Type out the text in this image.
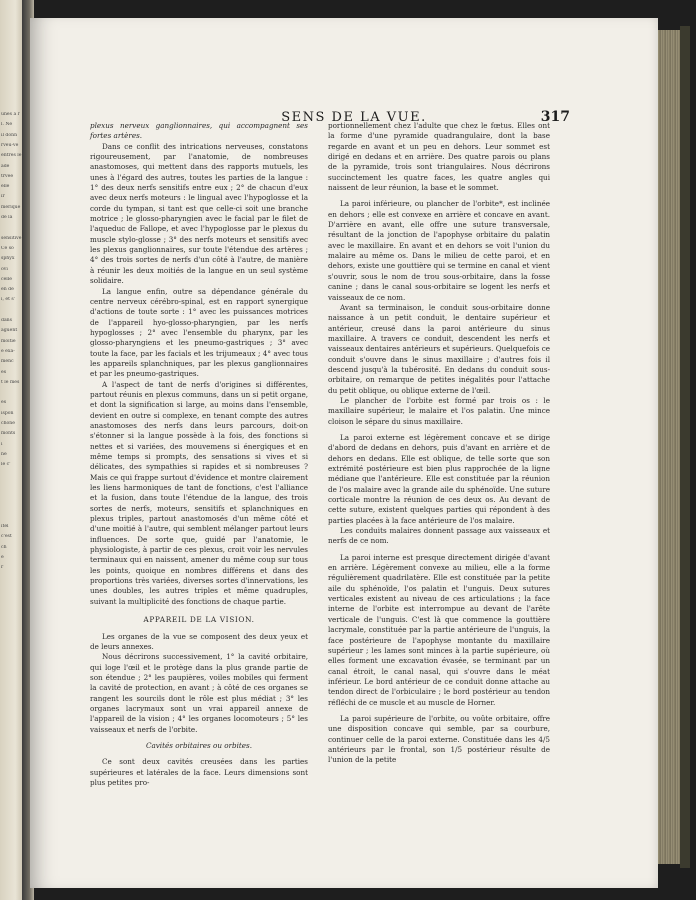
unes à l'
l. Ne
il donn
rveu-ve
entres le
ade
trvée
elle
ir
mérique
de la
sensitive
Ce so
sphyx
ovi
celle
en de
i, et s'
dans
aguent
moitié
e exa-
menc
es
t le mes
es
ispon
chone
monts
i
ne
le c'
itel
c'est
ch
e
r
SENS DE LA VUE.	317

plexus nerveux ganglionnaires, qui accompagnent ses fortes artères.

Dans ce conflit des intrications nerveuses, constatons rigoureusement, par l'anatomie, de nombreuses anastomoses, qui mettent dans des rapports mutuels, les unes à l'égard des autres, toutes les parties de la langue : 1° des deux nerfs sensitifs entre eux ; 2° de chacun d'eux avec deux nerfs moteurs : le lingual avec l'hypoglosse et la corde du tympan, si tant est que celle-ci soit une branche motrice ; le glosso-pharyngien avec le facial par le filet de l'aqueduc de Fallope, et avec l'hypoglosse par le plexus du muscle stylo-glosse ; 3° des nerfs moteurs et sensitifs avec les plexus ganglionnaires, sur toute l'étendue des artères ; 4° des trois sortes de nerfs d'un côté à l'autre, de manière à réunir les deux moitiés de la langue en un seul système solidaire.

La langue enfin, outre sa dépendance générale du centre nerveux cérébro-spinal, est en rapport synergique d'actions de toute sorte : 1° avec les puissances motrices de l'appareil hyo-glosso-pharyngien, par les nerfs hypoglosses ; 2° avec l'ensemble du pharynx, par les glosso-pharyngiens et les pneumo-gastriques ; 3° avec toute la face, par les facials et les trijumeaux ; 4° avec tous les appareils splanchniques, par les plexus ganglionnaires et par les pneumo-gastriques.

A l'aspect de tant de nerfs d'origines si différentes, partout réunis en plexus communs, dans un si petit organe, et dont la signification si large, au moins dans l'ensemble, devient en outre si complexe, en tenant compte des autres anastomoses des nerfs dans leurs parcours, doit-on s'étonner si la langue possède à la fois, des fonctions si nettes et si variées, des mouvemens si énergiques et en même temps si prompts, des sensations si vives et si délicates, des sympathies si rapides et si nombreuses ? Mais ce qui frappe surtout d'évidence et montre clairement les liens harmoniques de tant de fonctions, c'est l'alliance et la fusion, dans toute l'étendue de la langue, des trois sortes de nerfs, moteurs, sensitifs et splanchniques en plexus triples, partout anastomosés d'un même côté et d'une moitié à l'autre, qui semblent mélanger partout leurs influences. De sorte que, guidé par l'anatomie, le physiologiste, à partir de ces plexus, croit voir les nervules terminaux qui en naissent, amener du même coup sur tous les points, quoique en nombres différens et dans des proportions très variées, diverses sortes d'innervations, les unes doubles, les autres triples et même quadruples, suivant la multiplicité des fonctions de chaque partie.

APPAREIL DE LA VISION.

Les organes de la vue se composent des deux yeux et de leurs annexes.

Nous décrirons successivement, 1° la cavité orbitaire, qui loge l'œil et le protège dans la plus grande partie de son étendue ; 2° les paupières, voiles mobiles qui ferment la cavité de protection, en avant ; à côté de ces organes se rangent les sourcils dont le rôle est plus médiat ; 3° les organes lacrymaux sont un vrai appareil annexe de l'appareil de la vision ; 4° les organes locomoteurs ; 5° les vaisseaux et nerfs de l'orbite.

Cavités orbitaires ou orbites.

Ce sont deux cavités creusées dans les parties supérieures et latérales de la face. Leurs dimensions sont plus petites pro-

portionnellement chez l'adulte que chez le fœtus. Elles ont la forme d'une pyramide quadrangulaire, dont la base regarde en avant et un peu en dehors. Leur sommet est dirigé en dedans et en arrière. Des quatre parois ou plans de la pyramide, trois sont triangulaires. Nous décrirons succinctement les quatre faces, les quatre angles qui naissent de leur réunion, la base et le sommet.

La paroi inférieure, ou plancher de l'orbite*, est inclinée en dehors ; elle est convexe en arrière et concave en avant. D'arrière en avant, elle offre une suture transversale, résultant de la jonction de l'apophyse orbitaire du palatin avec le maxillaire. En avant et en dehors se voit l'union du malaire au même os. Dans le milieu de cette paroi, et en dehors, existe une gouttière qui se termine en canal et vient s'ouvrir, sous le nom de trou sous-orbitaire, dans la fosse canine ; dans le canal sous-orbitaire se logent les nerfs et vaisseaux de ce nom.

Avant sa terminaison, le conduit sous-orbitaire donne naissance à un petit conduit, le dentaire supérieur et antérieur, creusé dans la paroi antérieure du sinus maxillaire. A travers ce conduit, descendent les nerfs et vaisseaux dentaires antérieurs et supérieurs. Quelquefois ce conduit s'ouvre dans le sinus maxillaire ; d'autres fois il descend jusqu'à la tubérosité. En dedans du conduit sous-orbitaire, on remarque de petites inégalités pour l'attache du petit oblique, ou oblique externe de l'œil.

Le plancher de l'orbite est formé par trois os : le maxillaire supérieur, le malaire et l'os palatin. Une mince cloison le sépare du sinus maxillaire.

La paroi externe est légèrement concave et se dirige d'abord de dedans en dehors, puis d'avant en arrière et de dehors en dedans. Elle est oblique, de telle sorte que son extrémité postérieure est bien plus rapprochée de la ligne médiane que l'antérieure. Elle est constituée par la réunion de l'os malaire avec la grande aile du sphénoïde. Une suture corticale montre la réunion de ces deux os. Au devant de cette suture, existent quelques parties qui répondent à des parties placées à la face antérieure de l'os malaire.

Les conduits malaires donnent passage aux vaisseaux et nerfs de ce nom.

La paroi interne est presque directement dirigée d'avant en arrière. Légèrement convexe au milieu, elle a la forme régulièrement quadrilatère. Elle est constituée par la petite aile du sphénoïde, l'os palatin et l'unguis. Deux sutures verticales existent au niveau de ces articulations ; la face interne de l'orbite est interrompue au devant de l'arête verticale de l'unguis. C'est là que commence la gouttière lacrymale, constituée par la partie antérieure de l'unguis, la face postérieure de l'apophyse montante du maxillaire supérieur ; les lames sont minces à la partie supérieure, où elles forment une excavation évasée, se terminant par un canal étroit, le canal nasal, qui s'ouvre dans le méat inférieur. Le bord antérieur de ce conduit donne attache au tendon direct de l'orbiculaire ; le bord postérieur au tendon réfléchi de ce muscle et au muscle de Horner.

La paroi supérieure de l'orbite, ou voûte orbitaire, offre une disposition concave qui semble, par sa courbure, continuer celle de la paroi externe. Constituée dans les 4/5 antérieurs par le frontal, son 1/5 postérieur résulte de l'union de la petite
